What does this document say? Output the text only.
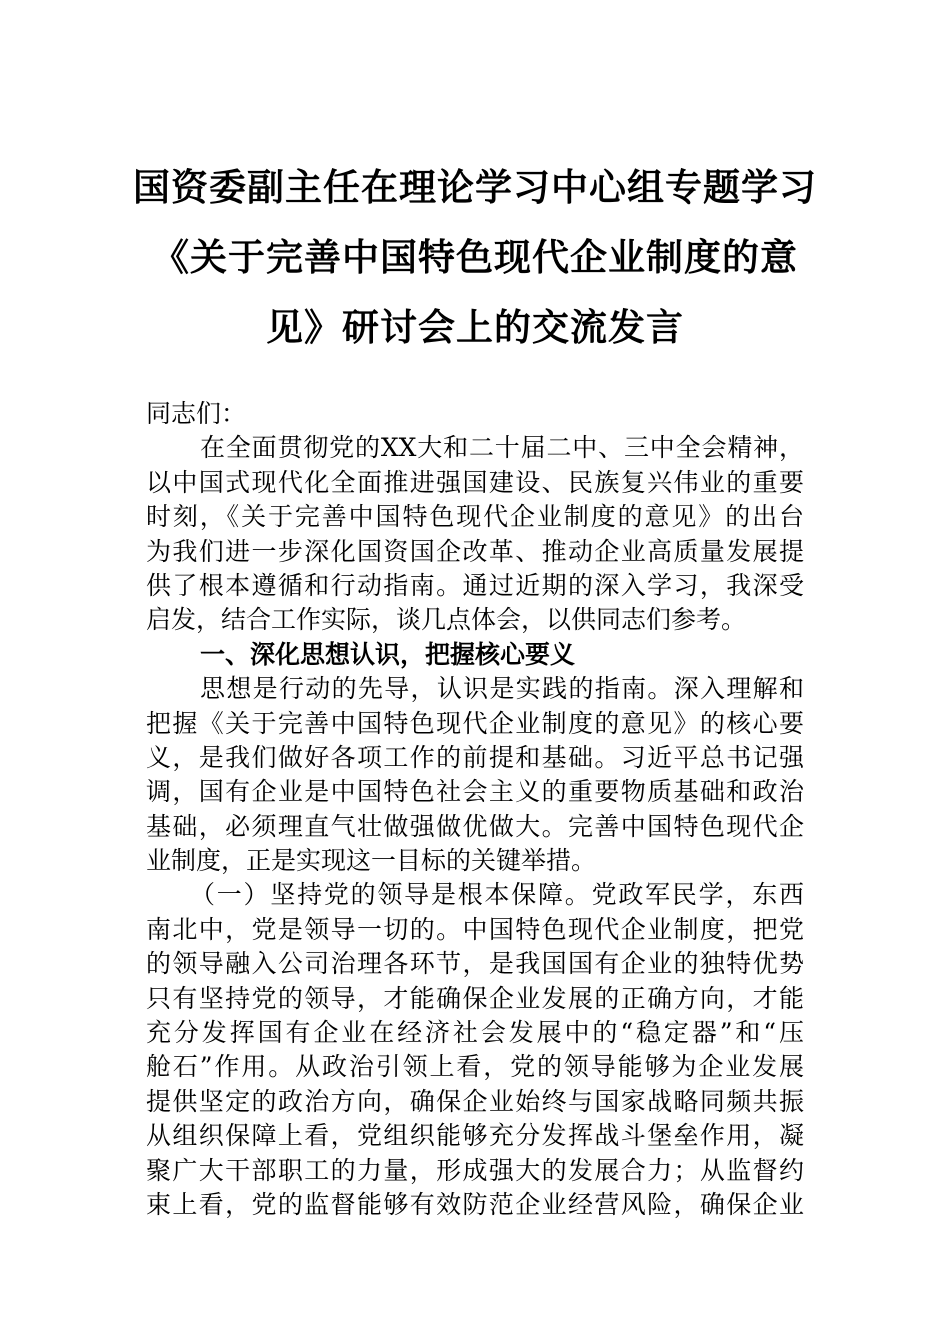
国资委副主任在理论学习中心组专题学习
《关于完善中国特色现代企业制度的意
见》研讨会上的交流发言
同志们：
在全面贯彻党的XX大和二十届二中、三中全会精神，
以中国式现代化全面推进强国建设、民族复兴伟业的重要
时刻，《关于完善中国特色现代企业制度的意见》的出台
为我们进一步深化国资国企改革、推动企业高质量发展提
供了根本遵循和行动指南。通过近期的深入学习，我深受
启发，结合工作实际，谈几点体会，以供同志们参考。
一、深化思想认识，把握核心要义
思想是行动的先导，认识是实践的指南。深入理解和
把握《关于完善中国特色现代企业制度的意见》的核心要
义，是我们做好各项工作的前提和基础。习近平总书记强
调，国有企业是中国特色社会主义的重要物质基础和政治
基础，必须理直气壮做强做优做大。完善中国特色现代企
业制度，正是实现这一目标的关键举措。
（一）坚持党的领导是根本保障。党政军民学，东西
南北中，党是领导一切的。中国特色现代企业制度，把党
的领导融入公司治理各环节，是我国国有企业的独特优势
只有坚持党的领导，才能确保企业发展的正确方向，才能
充分发挥国有企业在经济社会发展中的“稳定器”和“压
舱石”作用。从政治引领上看，党的领导能够为企业发展
提供坚定的政治方向，确保企业始终与国家战略同频共振
从组织保障上看，党组织能够充分发挥战斗堡垒作用，凝
聚广大干部职工的力量，形成强大的发展合力；从监督约
束上看，党的监督能够有效防范企业经营风险，确保企业
